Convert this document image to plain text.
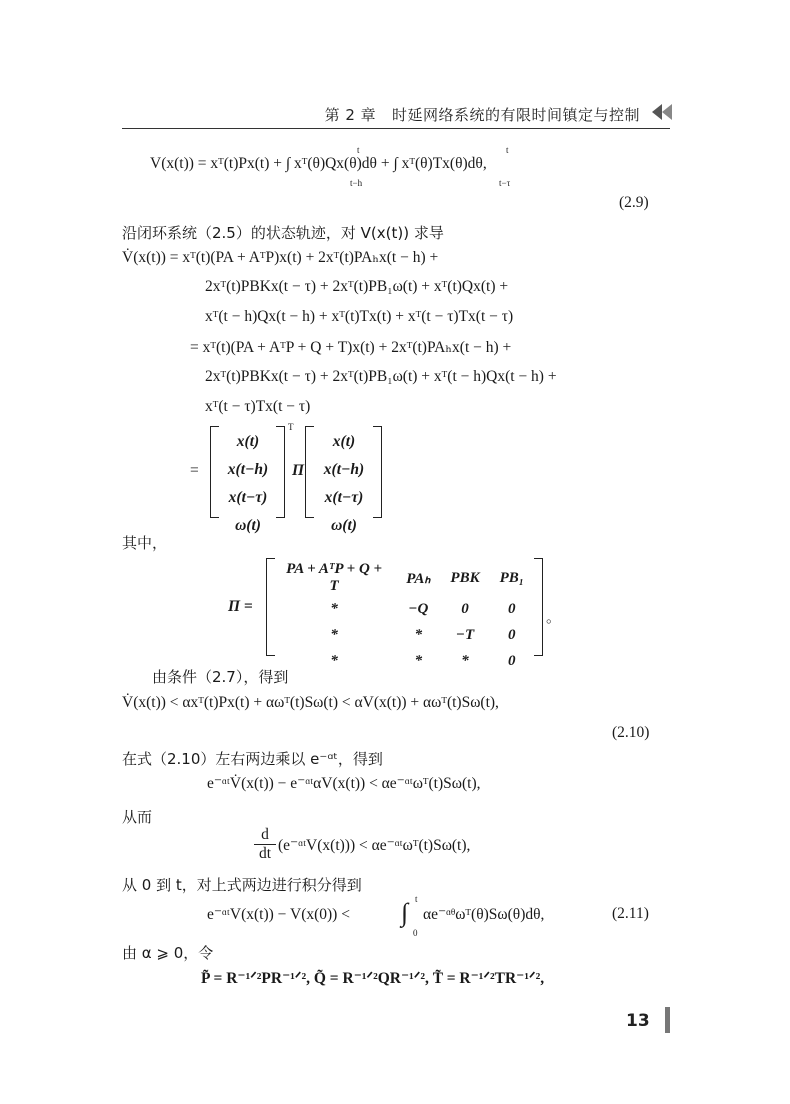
第 2 章 时延网络系统的有限时间镇定与控制
V(x(t)) = xᵀ(t)Px(t) + ∫ xᵀ(θ)Qx(θ)dθ + ∫ xᵀ(θ)Tx(θ)dθ,
t
t−h
t
t−τ
(2.9)
沿闭环系统（2.5）的状态轨迹，对 V(x(t)) 求导
V̇(x(t)) = xᵀ(t)(PA + AᵀP)x(t) + 2xᵀ(t)PAₕx(t − h) +
2xᵀ(t)PBKx(t − τ) + 2xᵀ(t)PB₁ω(t) + xᵀ(t)Qx(t) +
xᵀ(t − h)Qx(t − h) + xᵀ(t)Tx(t) + xᵀ(t − τ)Tx(t − τ)
= xᵀ(t)(PA + AᵀP + Q + T)x(t) + 2xᵀ(t)PAₕx(t − h) +
2xᵀ(t)PBKx(t − τ) + 2xᵀ(t)PB₁ω(t) + xᵀ(t − h)Qx(t − h) +
xᵀ(t − τ)Tx(t − τ)
=
x(t)
x(t−h)
x(t−τ)
ω(t)
T
Π
x(t)
x(t−h)
x(t−τ)
ω(t)
其中，
Π =
PA + AᵀP + Q + T	PAₕ	PBK	PB₁
*	−Q	0	0
*	*	−T	0
*	*	*	0
。
由条件（2.7），得到
V̇(x(t)) < αxᵀ(t)Px(t) + αωᵀ(t)Sω(t) < αV(x(t)) + αωᵀ(t)Sω(t),
(2.10)
在式（2.10）左右两边乘以 e⁻ᵅᵗ，得到
e⁻ᵅᵗV̇(x(t)) − e⁻ᵅᵗαV(x(t)) < αe⁻ᵅᵗωᵀ(t)Sω(t),
从而
$\frac{d}{dt}$ (e⁻ᵅᵗV(x(t))) < αe⁻ᵅᵗωᵀ(t)Sω(t),
从 0 到 t，对上式两边进行积分得到
e⁻ᵅᵗV(x(t)) − V(x(0)) < ∫ t
0
αe⁻ᵅᶿωᵀ(θ)Sω(θ)dθ,	(2.11)
由 α ⩾ 0，令
P̃ = R⁻¹ᐟ²PR⁻¹ᐟ², Q̃ = R⁻¹ᐟ²QR⁻¹ᐟ², T̃ = R⁻¹ᐟ²TR⁻¹ᐟ²,
13
